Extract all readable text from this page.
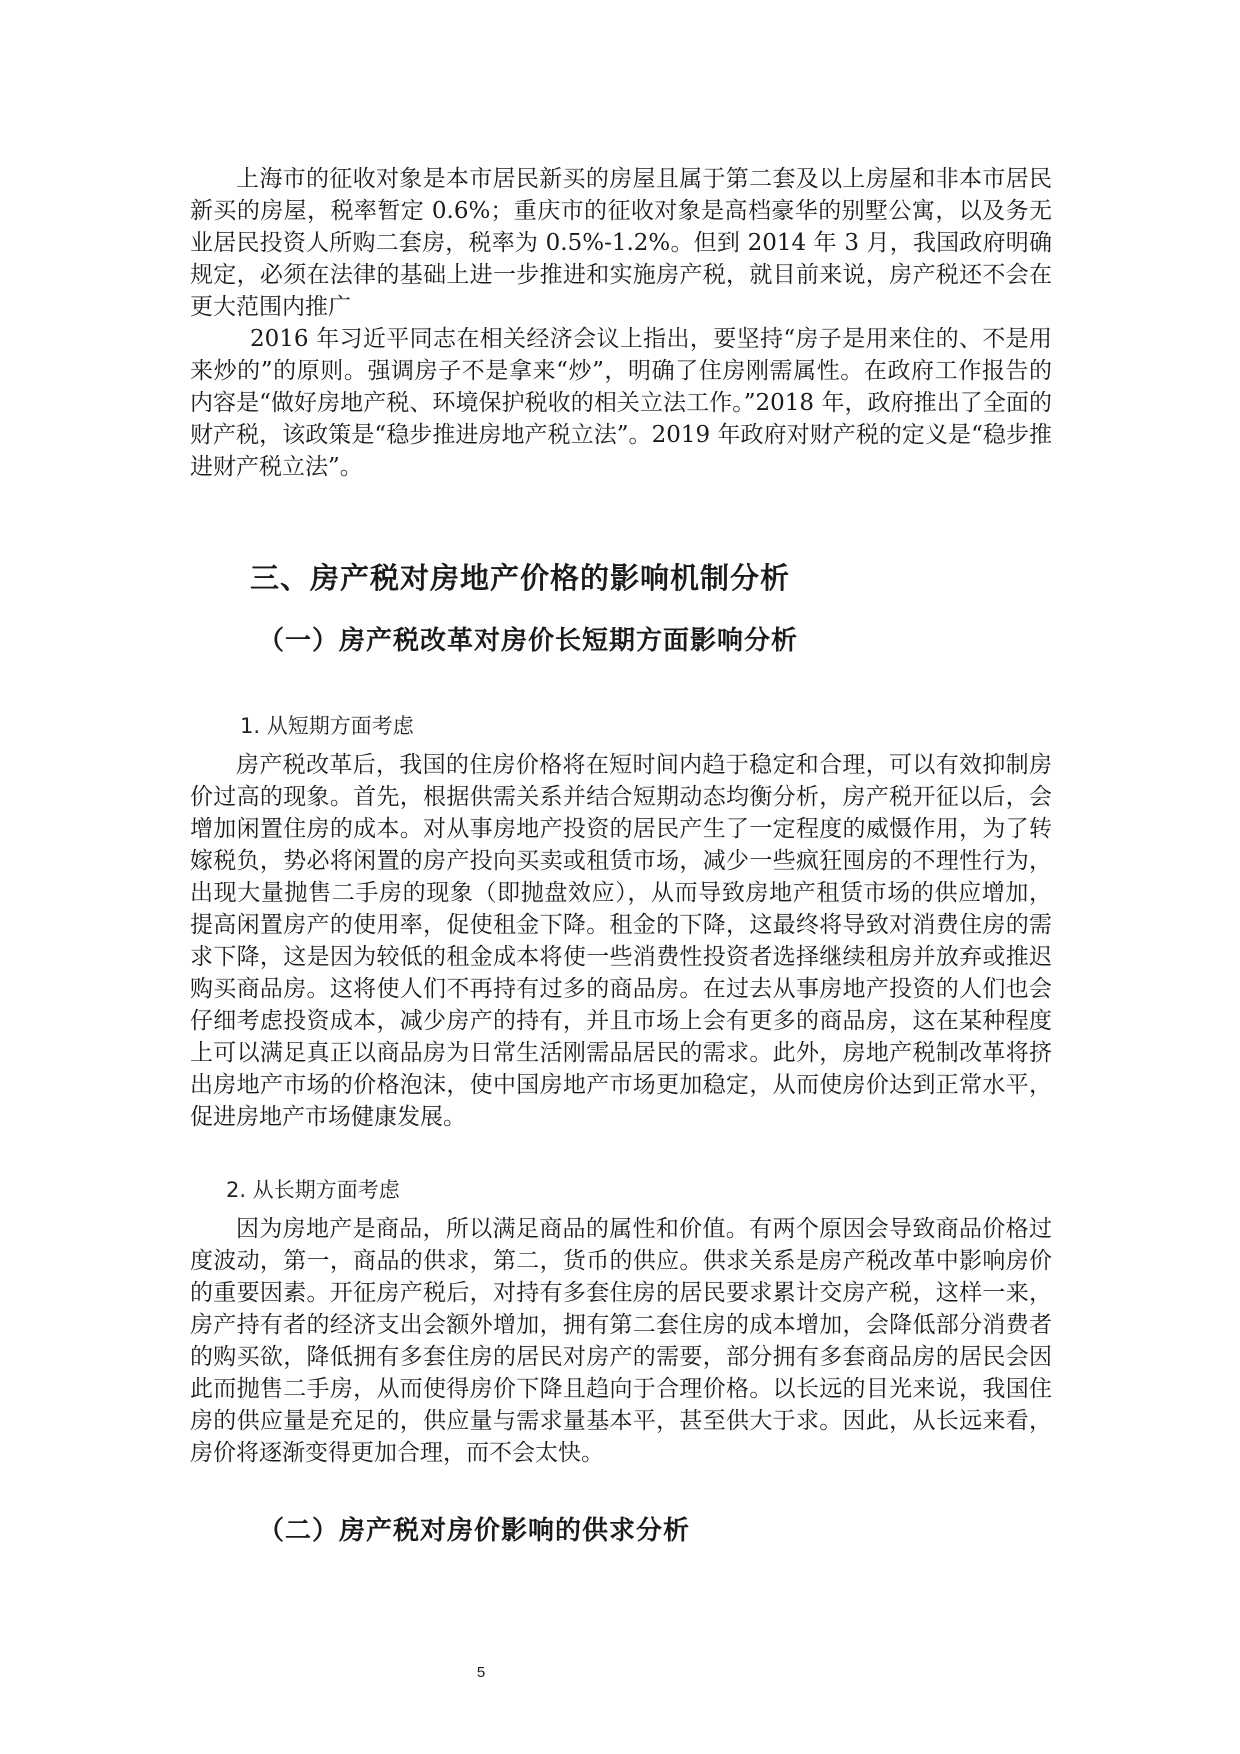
上海市的征收对象是本市居民新买的房屋且属于第二套及以上房屋和非本市居民新买的房屋，税率暂定 0.6%；重庆市的征收对象是高档豪华的别墅公寓，以及务无业居民投资人所购二套房，税率为 0.5%-1.2%。但到 2014 年 3 月，我国政府明确规定，必须在法律的基础上进一步推进和实施房产税，就目前来说，房产税还不会在更大范围内推广

2016 年习近平同志在相关经济会议上指出，要坚持“房子是用来住的、不是用来炒的”的原则。强调房子不是拿来“炒”，明确了住房刚需属性。在政府工作报告的内容是“做好房地产税、环境保护税收的相关立法工作。”2018 年，政府推出了全面的财产税，该政策是“稳步推进房地产税立法”。2019 年政府对财产税的定义是“稳步推进财产税立法”。

三、房产税对房地产价格的影响机制分析
（一）房产税改革对房价长短期方面影响分析

1. 从短期方面考虑

房产税改革后，我国的住房价格将在短时间内趋于稳定和合理，可以有效抑制房价过高的现象。首先，根据供需关系并结合短期动态均衡分析，房产税开征以后，会增加闲置住房的成本。对从事房地产投资的居民产生了一定程度的威慑作用，为了转嫁税负，势必将闲置的房产投向买卖或租赁市场，减少一些疯狂囤房的不理性行为，出现大量抛售二手房的现象（即抛盘效应），从而导致房地产租赁市场的供应增加，提高闲置房产的使用率，促使租金下降。租金的下降，这最终将导致对消费住房的需求下降，这是因为较低的租金成本将使一些消费性投资者选择继续租房并放弃或推迟购买商品房。这将使人们不再持有过多的商品房。在过去从事房地产投资的人们也会仔细考虑投资成本，减少房产的持有，并且市场上会有更多的商品房，这在某种程度上可以满足真正以商品房为日常生活刚需品居民的需求。此外，房地产税制改革将挤出房地产市场的价格泡沫，使中国房地产市场更加稳定，从而使房价达到正常水平，促进房地产市场健康发展。

2. 从长期方面考虑

因为房地产是商品，所以满足商品的属性和价值。有两个原因会导致商品价格过度波动，第一，商品的供求，第二，货币的供应。供求关系是房产税改革中影响房价的重要因素。开征房产税后，对持有多套住房的居民要求累计交房产税，这样一来，房产持有者的经济支出会额外增加，拥有第二套住房的成本增加，会降低部分消费者的购买欲，降低拥有多套住房的居民对房产的需要，部分拥有多套商品房的居民会因此而抛售二手房，从而使得房价下降且趋向于合理价格。以长远的目光来说，我国住房的供应量是充足的，供应量与需求量基本平，甚至供大于求。因此，从长远来看，房价将逐渐变得更加合理，而不会太快。

（二）房产税对房价影响的供求分析

5
